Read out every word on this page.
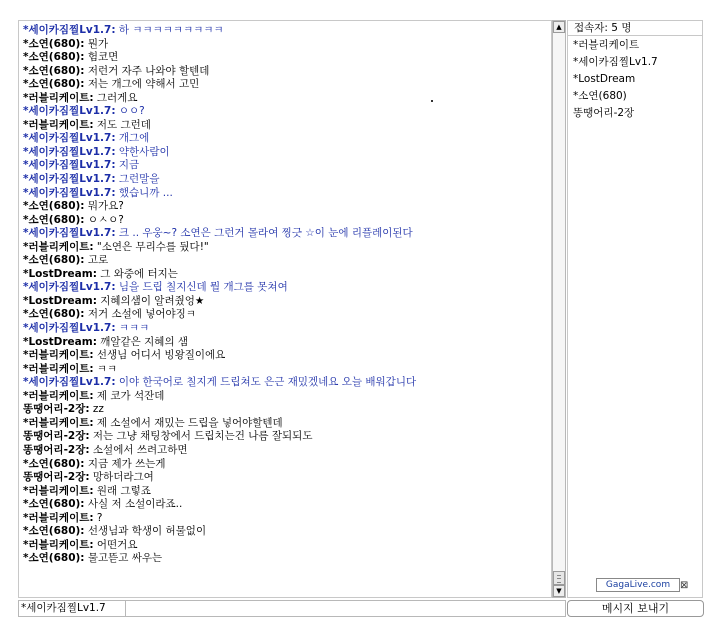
*세이카짐찔Lv1.7: 하 ㅋㅋㅋㅋㅋㅋㅋㅋㅋ
*소연(680): 뭔가
*소연(680): 험코면
*소연(680): 저런거 자주 나와야 할텐데
*소연(680): 저는 개그에 약해서 고민
*러블리케이트: 그러게요
*세이카짐찔Lv1.7: ㅇㅇ?
*러블리케이트: 저도 그런데
*세이카짐찔Lv1.7: 개그에
*세이카짐찔Lv1.7: 약한사람이
*세이카짐찔Lv1.7: 지금
*세이카짐찔Lv1.7: 그런말을
*세이카짐찔Lv1.7: 했습니까 ...
*소연(680): 뭐가요?
*소연(680): ㅇㅅㅇ?
*세이카짐찔Lv1.7: 크 .. 우웅~? 소연은 그런거 몰라여 찡긋 ☆이 눈에 리플레이된다
*러블리케이트: "소연은 무리수를 뒀다!"
*소연(680): 고로
*LostDream: 그 와중에 터지는
*세이카짐찔Lv1.7: 님을 드립 칠지신데 뭘 개그를 못쳐여
*LostDream: 지혜의샘이 알려줬엉★
*소연(680): 저거 소설에 넣어야징ㅋ
*세이카짐찔Lv1.7: ㅋㅋㅋ
*LostDream: 깨알같은 지혜의 샘
*러블리케이트: 선생님 어디서 빙왕질이에요
*러블리케이트: ㅋㅋ
*세이카짐찔Lv1.7: 이야 한국어로 칠지게 드립쳐도 은근 재밌겠네요 오늘 배워갑니다
*러블리케이트: 제 코가 석잔데
똥땡어리-2장: zz
*러블리케이트: 제 소설에서 재밌는 드립을 넣어야할텐데
똥땡어리-2장: 저는 그냥 채팅창에서 드립치는건 나름 잘되되도
똥땡어리-2장: 소설에서 쓰려고하면
*소연(680): 지금 제가 쓰는게
똥땡어리-2장: 망하더라그여
*러블리케이트: 원래 그렇죠
*소연(680): 사실 저 소설이라죠..
*러블리케이트: ?
*소연(680): 선생님과 학생이 허물없이
*러블리케이트: 어떤거요
*소연(680): 물고뜯고 싸우는
▲
▼
접속자: 5 명
*러블리케이트
*세이카짐찔Lv1.7
*LostDream
*소연(680)
똥땡어리-2장
GagaLive.com ⊠
*세이카짐찔Lv1.7	메시지 보내기
